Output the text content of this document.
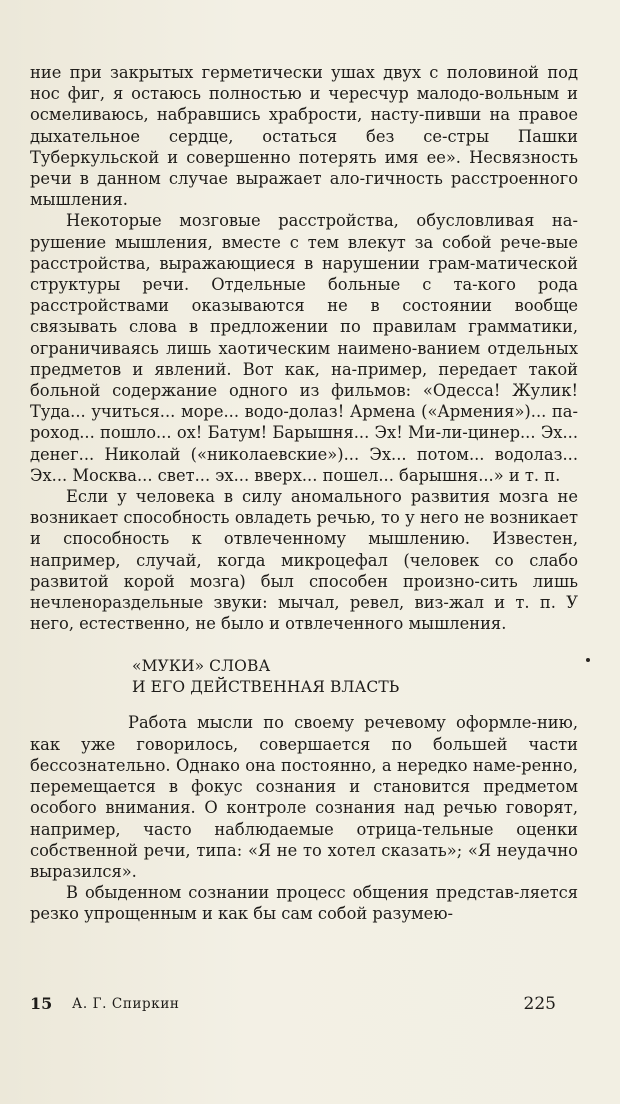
ние при закрытых герметически ушах двух с половиной под нос фиг, я остаюсь полностью и чересчур малодо-вольным и осмеливаюсь, набравшись храбрости, насту-пивши на правое дыхательное сердце, остаться без се-стры Пашки Туберкульской и совершенно потерять имя ее». Несвязность речи в данном случае выражает ало-гичность расстроенного мышления.

Некоторые мозговые расстройства, обусловливая на-рушение мышления, вместе с тем влекут за собой рече-вые расстройства, выражающиеся в нарушении грам-матической структуры речи. Отдельные больные с та-кого рода расстройствами оказываются не в состоянии вообще связывать слова в предложении по правилам грамматики, ограничиваясь лишь хаотическим наимено-ванием отдельных предметов и явлений. Вот как, на-пример, передает такой больной содержание одного из фильмов: «Одесса! Жулик! Туда... учиться... море... водо-долаз! Армена («Армения»)... па-роход... пошло... ох! Батум! Барышня... Эх! Ми-ли-цинер... Эх... денег... Николай («николаевские»)... Эх... потом... водолаз... Эх... Москва... свет... эх... вверх... пошел... барышня...» и т. п.

Если у человека в силу аномального развития мозга не возникает способность овладеть речью, то у него не возникает и способность к отвлеченному мышлению. Известен, например, случай, когда микроцефал (человек со слабо развитой корой мозга) был способен произно-сить лишь нечленораздельные звуки: мычал, ревел, виз-жал и т. п. У него, естественно, не было и отвлеченного мышления.

«МУКИ» СЛОВА

И ЕГО ДЕЙСТВЕННАЯ ВЛАСТЬ

Работа мысли по своему речевому оформле-нию, как уже говорилось, совершается по большей части бессознательно. Однако она постоянно, а нередко наме-ренно, перемещается в фокус сознания и становится предметом особого внимания. О контроле сознания над речью говорят, например, часто наблюдаемые отрица-тельные оценки собственной речи, типа: «Я не то хотел сказать»; «Я неудачно выразился».

В обыденном сознании процесс общения представ-ляется резко упрощенным и как бы сам собой разумею-

15 А. Г. Спиркин	225
